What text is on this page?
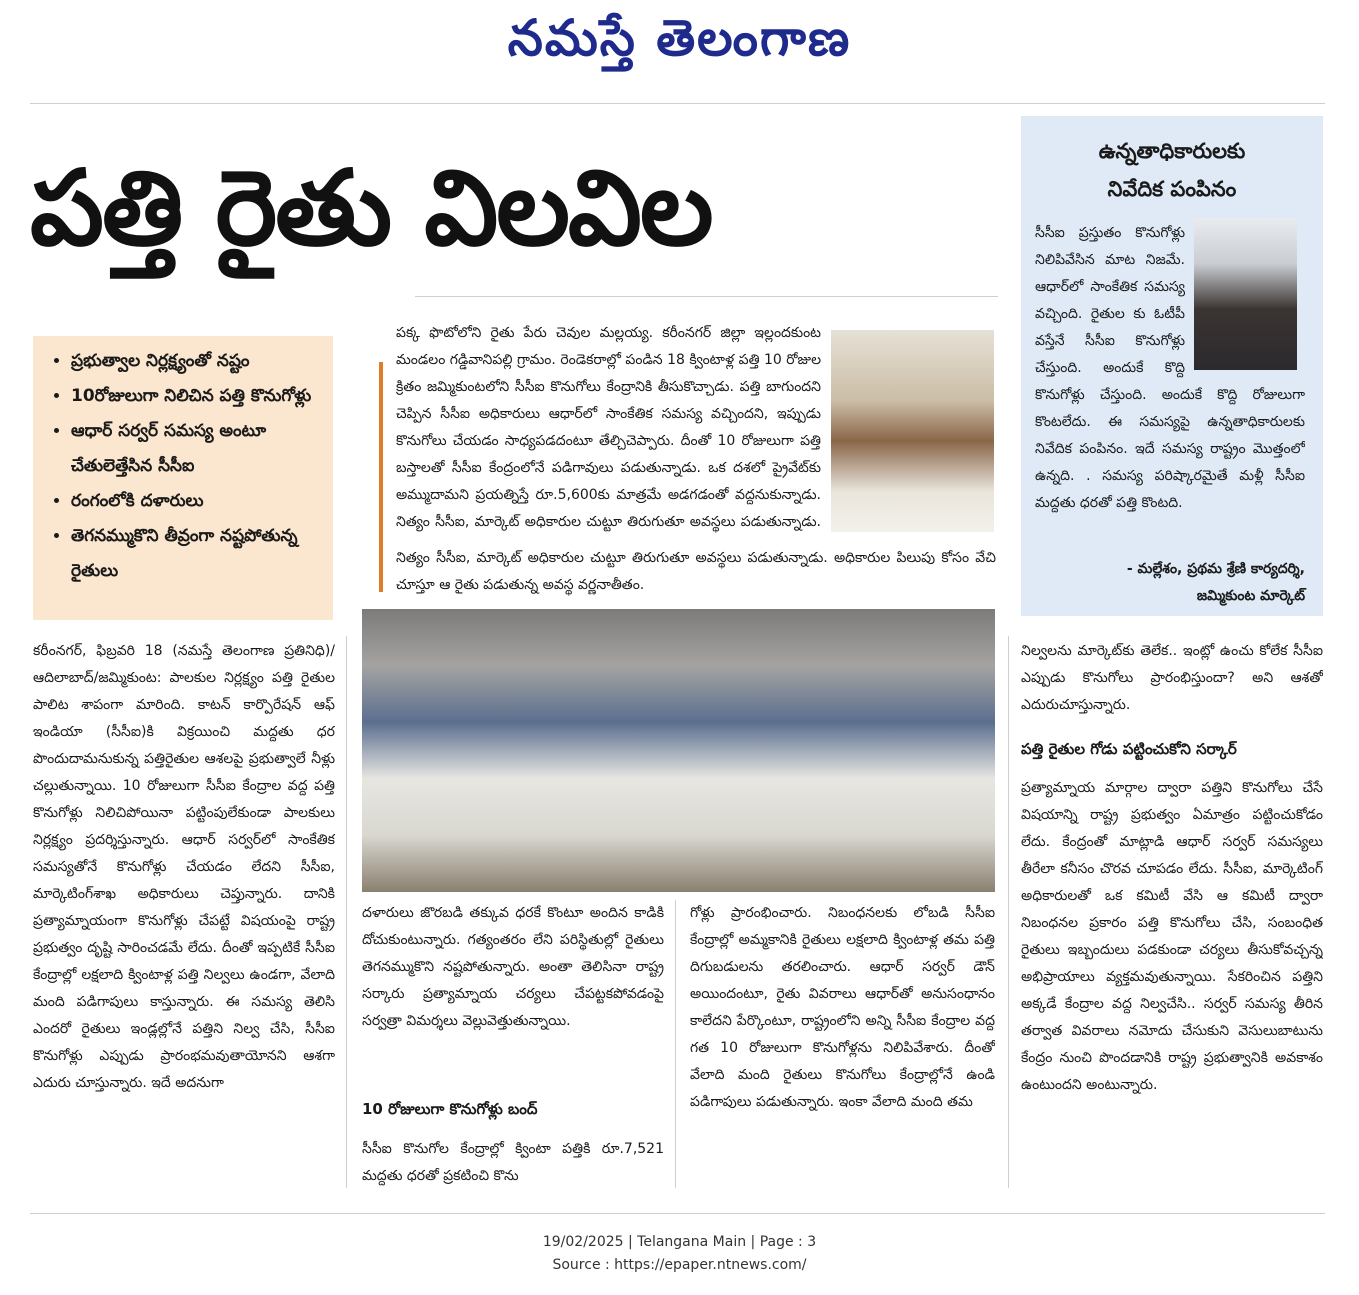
నమస్తే తెలంగాణ
పత్తి రైతు విలవిల
• ప్రభుత్వాల నిర్లక్ష్యంతో నష్టం
• 10రోజులుగా నిలిచిన పత్తి కొనుగోళ్లు
• ఆధార్ సర్వర్ సమస్య అంటూ చేతులెత్తేసిన సీసీఐ
• రంగంలోకి దళారులు
• తెగనమ్ముకొని తీవ్రంగా నష్టపోతున్న రైతులు
ఉన్నతాధికారులకు
నివేదిక పంపినం

సీసీఐ ప్రస్తుతం కొనుగోళ్లు నిలిపివేసిన మాట నిజమే. ఆధార్‌లో సాంకేతిక సమస్య వచ్చింది. రైతుల కు ఓటీపీ వస్తేనే సీసీఐ కొనుగోళ్లు చేస్తుంది. అందుకే కొద్ది

కొనుగోళ్లు చేస్తుంది. అందుకే కొద్ది రోజులుగా కొంటలేదు. ఈ సమస్యపై ఉన్నతాధికారులకు నివేదిక పంపినం. ఇదే సమస్య రాష్ట్రం మొత్తంలో ఉన్నది. . సమస్య పరిష్కారమైతే మళ్లీ సీసీఐ మద్దతు ధరతో పత్తి కొంటది.

- మల్లేశం, ప్రథమ శ్రేణి కార్యదర్శి,
జమ్మికుంట మార్కెట్

పక్క ఫొటోలోని రైతు పేరు చెవుల మల్లయ్య. కరీంనగర్ జిల్లా ఇల్లందకుంట మండలం గడ్డివానిపల్లి గ్రామం. రెండెకరాల్లో పండిన 18 క్వింటాళ్ల పత్తి 10 రోజుల క్రితం జమ్మికుంటలోని సీసీఐ కొనుగోలు కేంద్రానికి తీసుకొచ్చాడు. పత్తి బాగుందని చెప్పిన సీసీఐ అధికారులు ఆధార్‌లో సాంకేతిక సమస్య వచ్చిందని, ఇప్పుడు కొనుగోలు చేయడం సాధ్యపడదంటూ తేల్చిచెప్పారు. దీంతో 10 రోజులుగా పత్తి బస్తాలతో సీసీఐ కేంద్రంలోనే పడిగావులు పడుతున్నాడు. ఒక దశలో ప్రైవేట్‌కు అమ్ముదామని ప్రయత్నిస్తే రూ.5,600కు మాత్రమే అడగడంతో వద్దనుకున్నాడు. నిత్యం సీసీఐ, మార్కెట్ అధికారుల చుట్టూ తిరుగుతూ అవస్థలు పడుతున్నాడు.

నిత్యం సీసీఐ, మార్కెట్ అధికారుల చుట్టూ తిరుగుతూ అవస్థలు పడుతున్నాడు. అధికారుల పిలుపు కోసం వేచి చూస్తూ ఆ రైతు పడుతున్న అవస్థ వర్ణనాతీతం.

కరీంనగర్, ఫిబ్రవరి 18 (నమస్తే తెలంగాణ ప్రతినిధి)/ఆదిలాబాద్/జమ్మికుంట: పాలకుల నిర్లక్ష్యం పత్తి రైతుల పాలిట శాపంగా మారింది. కాటన్ కార్పొరేషన్ ఆఫ్ ఇండియా (సీసీఐ)కి విక్రయించి మద్దతు ధర పొందుదామనుకున్న పత్తిరైతుల ఆశలపై ప్రభుత్వాలే నీళ్లు చల్లుతున్నాయి. 10 రోజులుగా సీసీఐ కేంద్రాల వద్ద పత్తి కొనుగోళ్లు నిలిచిపోయినా పట్టింపులేకుండా పాలకులు నిర్లక్ష్యం ప్రదర్శిస్తున్నారు. ఆధార్ సర్వర్‌లో సాంకేతిక సమస్యతోనే కొనుగోళ్లు చేయడం లేదని సీసీఐ, మార్కెటింగ్‌శాఖ అధికారులు చెప్తున్నారు. దానికి ప్రత్యామ్నాయంగా కొనుగోళ్లు చేపట్టే విషయంపై రాష్ట్ర ప్రభుత్వం దృష్టి సారించడమే లేదు. దీంతో ఇప్పటికే సీసీఐ కేంద్రాల్లో లక్షలాది క్వింటాళ్ల పత్తి నిల్వలు ఉండగా, వేలాది మంది పడిగాపులు కాస్తున్నారు. ఈ సమస్య తెలిసి ఎందరో రైతులు ఇండ్లల్లోనే పత్తిని నిల్వ చేసి, సీసీఐ కొనుగోళ్లు ఎప్పుడు ప్రారంభమవుతాయోనని ఆశగా ఎదురు చూస్తున్నారు. ఇదే అదనుగా

దళారులు జొరబడి తక్కువ ధరకే కొంటూ అందిన కాడికి దోచుకుంటున్నారు. గత్యంతరం లేని పరిస్థితుల్లో రైతులు తెగనమ్ముకొని నష్టపోతున్నారు. అంతా తెలిసినా రాష్ట్ర సర్కారు ప్రత్యామ్నాయ చర్యలు చేపట్టకపోవడంపై సర్వత్రా విమర్శలు వెల్లువెత్తుతున్నాయి.

10 రోజులుగా కొనుగోళ్లు బంద్

సీసీఐ కొనుగోల కేంద్రాల్లో క్వింటా పత్తికి రూ.7,521 మద్దతు ధరతో ప్రకటించి కొను

గోళ్లు ప్రారంభించారు. నిబంధనలకు లోబడి సీసీఐ కేంద్రాల్లో అమ్మకానికి రైతులు లక్షలాది క్వింటాళ్ల తమ పత్తి దిగుబడులను తరలించారు. ఆధార్ సర్వర్ డౌన్ అయిందంటూ, రైతు వివరాలు ఆధార్‌తో అనుసంధానం కాలేదని పేర్కొంటూ, రాష్ట్రంలోని అన్ని సీసీఐ కేంద్రాల వద్ద గత 10 రోజులుగా కొనుగోళ్లను నిలిపివేశారు. దీంతో వేలాది మంది రైతులు కొనుగోలు కేంద్రాల్లోనే ఉండి పడిగాపులు పడుతున్నారు. ఇంకా వేలాది మంది తమ

నిల్వలను మార్కెట్‌కు తెలేక.. ఇంట్లో ఉంచు కోలేక సీసీఐ ఎప్పుడు కొనుగోలు ప్రారంభిస్తుందా? అని ఆశతో ఎదురుచూస్తున్నారు.

పత్తి రైతుల గోడు పట్టించుకోని సర్కార్

ప్రత్యామ్నాయ మార్గాల ద్వారా పత్తిని కొనుగోలు చేసే విషయాన్ని రాష్ట్ర ప్రభుత్వం ఏమాత్రం పట్టించుకోడం లేదు. కేంద్రంతో మాట్లాడి ఆధార్ సర్వర్ సమస్యలు తీరేలా కనీసం చొరవ చూపడం లేదు. సీసీఐ, మార్కెటింగ్ అధికారులతో ఒక కమిటీ వేసి ఆ కమిటీ ద్వారా నిబంధనల ప్రకారం పత్తి కొనుగోలు చేసి, సంబంధిత రైతులు ఇబ్బందులు పడకుండా చర్యలు తీసుకోవచ్చన్న అభిప్రాయాలు వ్యక్తమవుతున్నాయి. సేకరించిన పత్తిని అక్కడే కేంద్రాల వద్ద నిల్వచేసి.. సర్వర్ సమస్య తీరిన తర్వాత వివరాలు నమోదు చేసుకుని వెసులుబాటును కేంద్రం నుంచి పొందడానికి రాష్ట్ర ప్రభుత్వానికి అవకాశం ఉంటుందని అంటున్నారు.

19/02/2025 | Telangana Main | Page : 3
Source : https://epaper.ntnews.com/
